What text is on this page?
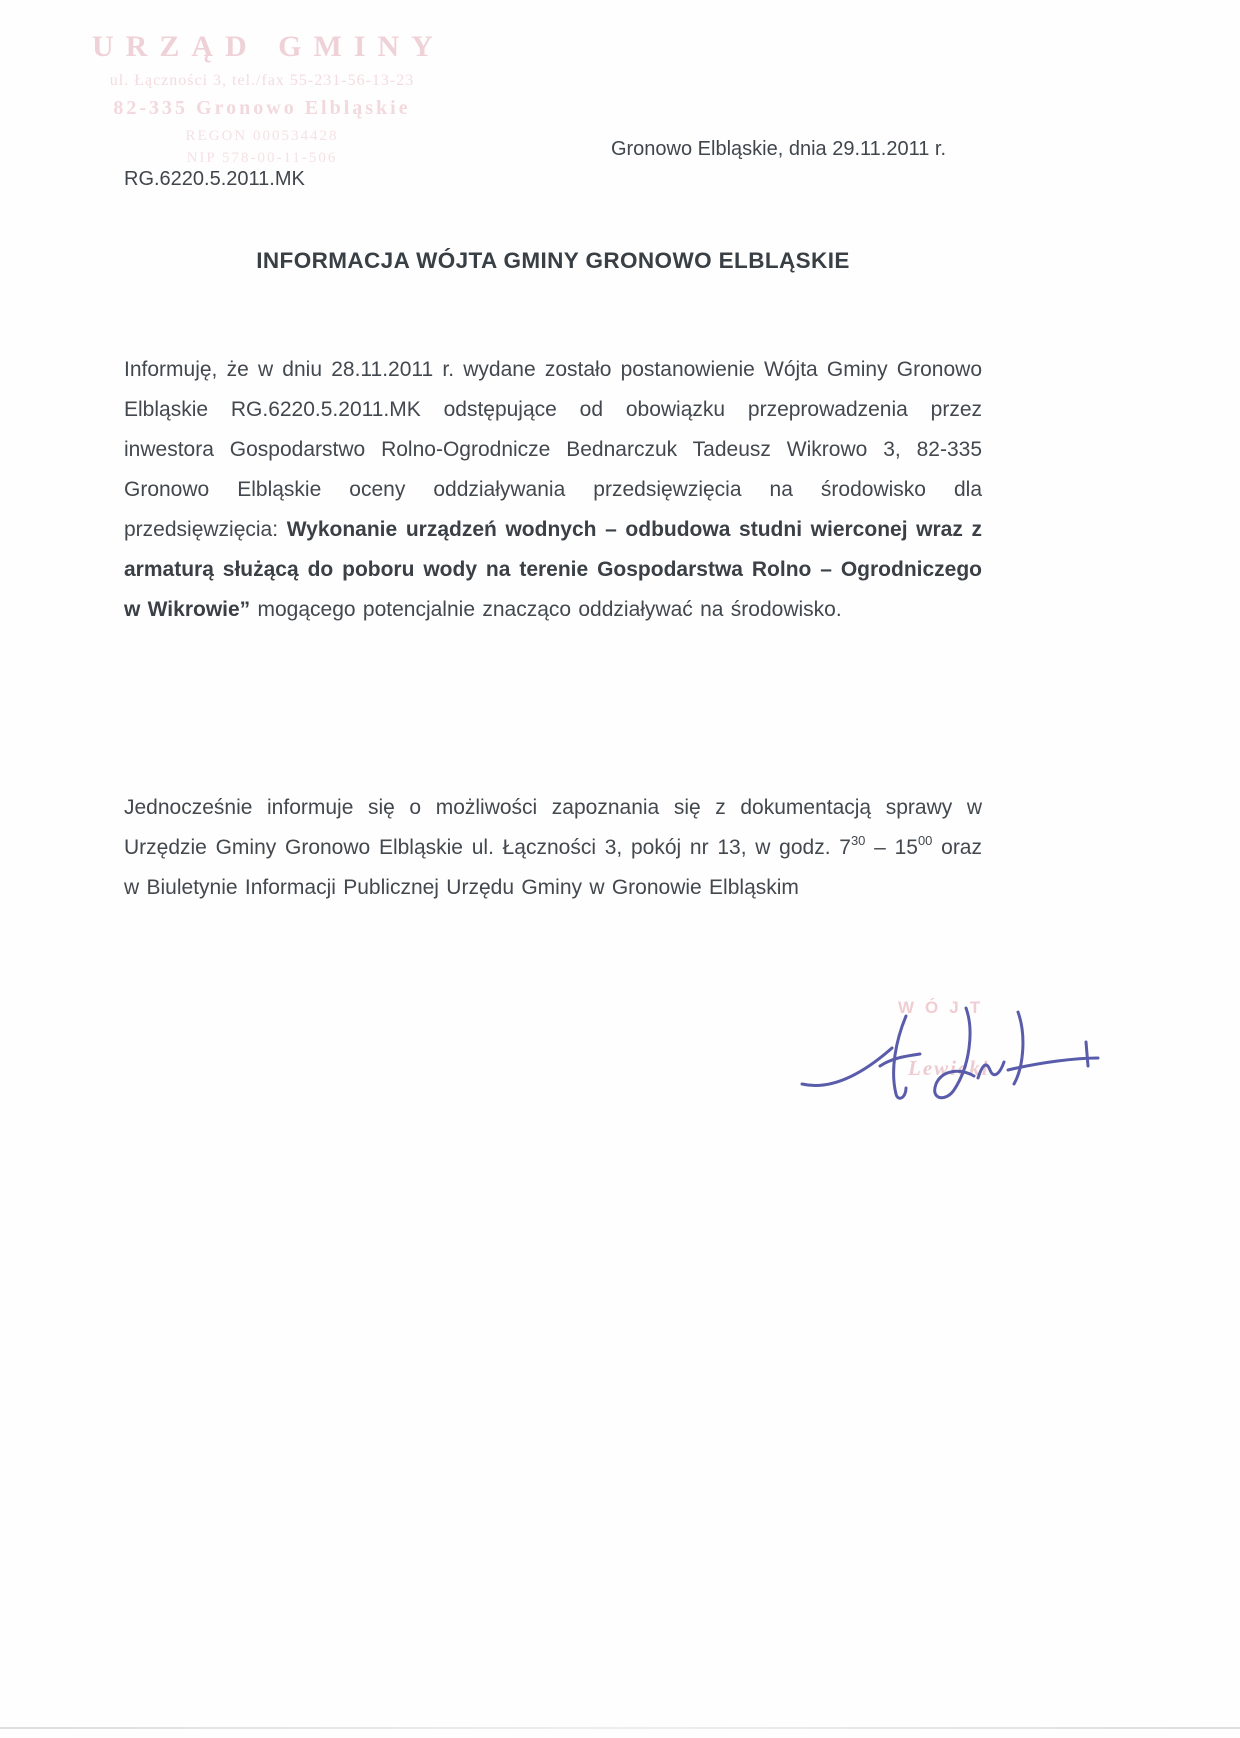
URZĄD GMINY
ul. Łączności 3, tel./fax 55-231-56-13-23
82-335 Gronowo Elbląskie
REGON 000534428
NIP 578-00-11-506	Gronowo Elbląskie, dnia 29.11.2011 r.
RG.6220.5.2011.MK
INFORMACJA WÓJTA GMINY GRONOWO ELBLĄSKIE

Informuję, że w dniu 28.11.2011 r. wydane zostało postanowienie Wójta Gminy Gronowo Elbląskie RG.6220.5.2011.MK odstępujące od obowiązku przeprowadzenia przez inwestora Gospodarstwo Rolno-Ogrodnicze Bednarczuk Tadeusz Wikrowo 3, 82-335 Gronowo Elbląskie oceny oddziaływania przedsięwzięcia na środowisko dla przedsięwzięcia: Wykonanie urządzeń wodnych – odbudowa studni wierconej wraz z armaturą służącą do poboru wody na terenie Gospodarstwa Rolno – Ogrodniczego w Wikrowie” mogącego potencjalnie znacząco oddziaływać na środowisko.

Jednocześnie informuje się o możliwości zapoznania się z dokumentacją sprawy w Urzędzie Gminy Gronowo Elbląskie ul. Łączności 3, pokój nr 13, w godz. $7^{30} - 15^{00}$ oraz w Biuletynie Informacji Publicznej Urzędu Gminy w Gronowie Elbląskim

WÓJT
Lewicki
